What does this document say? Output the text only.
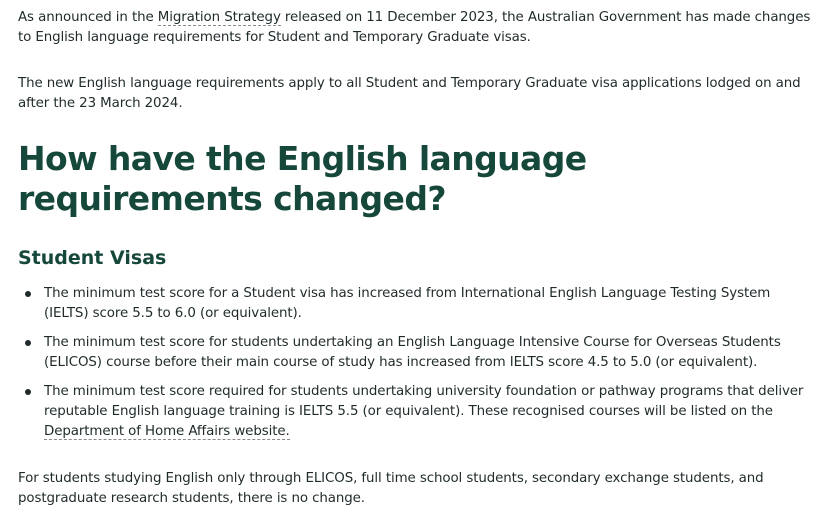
As announced in the Migration Strategy released on 11 December 2023, the Australian Government has made changes to English language requirements for Student and Temporary Graduate visas.

The new English language requirements apply to all Student and Temporary Graduate visa applications lodged on and after the 23 March 2024.

How have the English language requirements changed?
Student Visas
The minimum test score for a Student visa has increased from International English Language Testing System (IELTS) score 5.5 to 6.0 (or equivalent).
The minimum test score for students undertaking an English Language Intensive Course for Overseas Students (ELICOS) course before their main course of study has increased from IELTS score 4.5 to 5.0 (or equivalent).
The minimum test score required for students undertaking university foundation or pathway programs that deliver reputable English language training is IELTS 5.5 (or equivalent). These recognised courses will be listed on the Department of Home Affairs website.

For students studying English only through ELICOS, full time school students, secondary exchange students, and postgraduate research students, there is no change.
